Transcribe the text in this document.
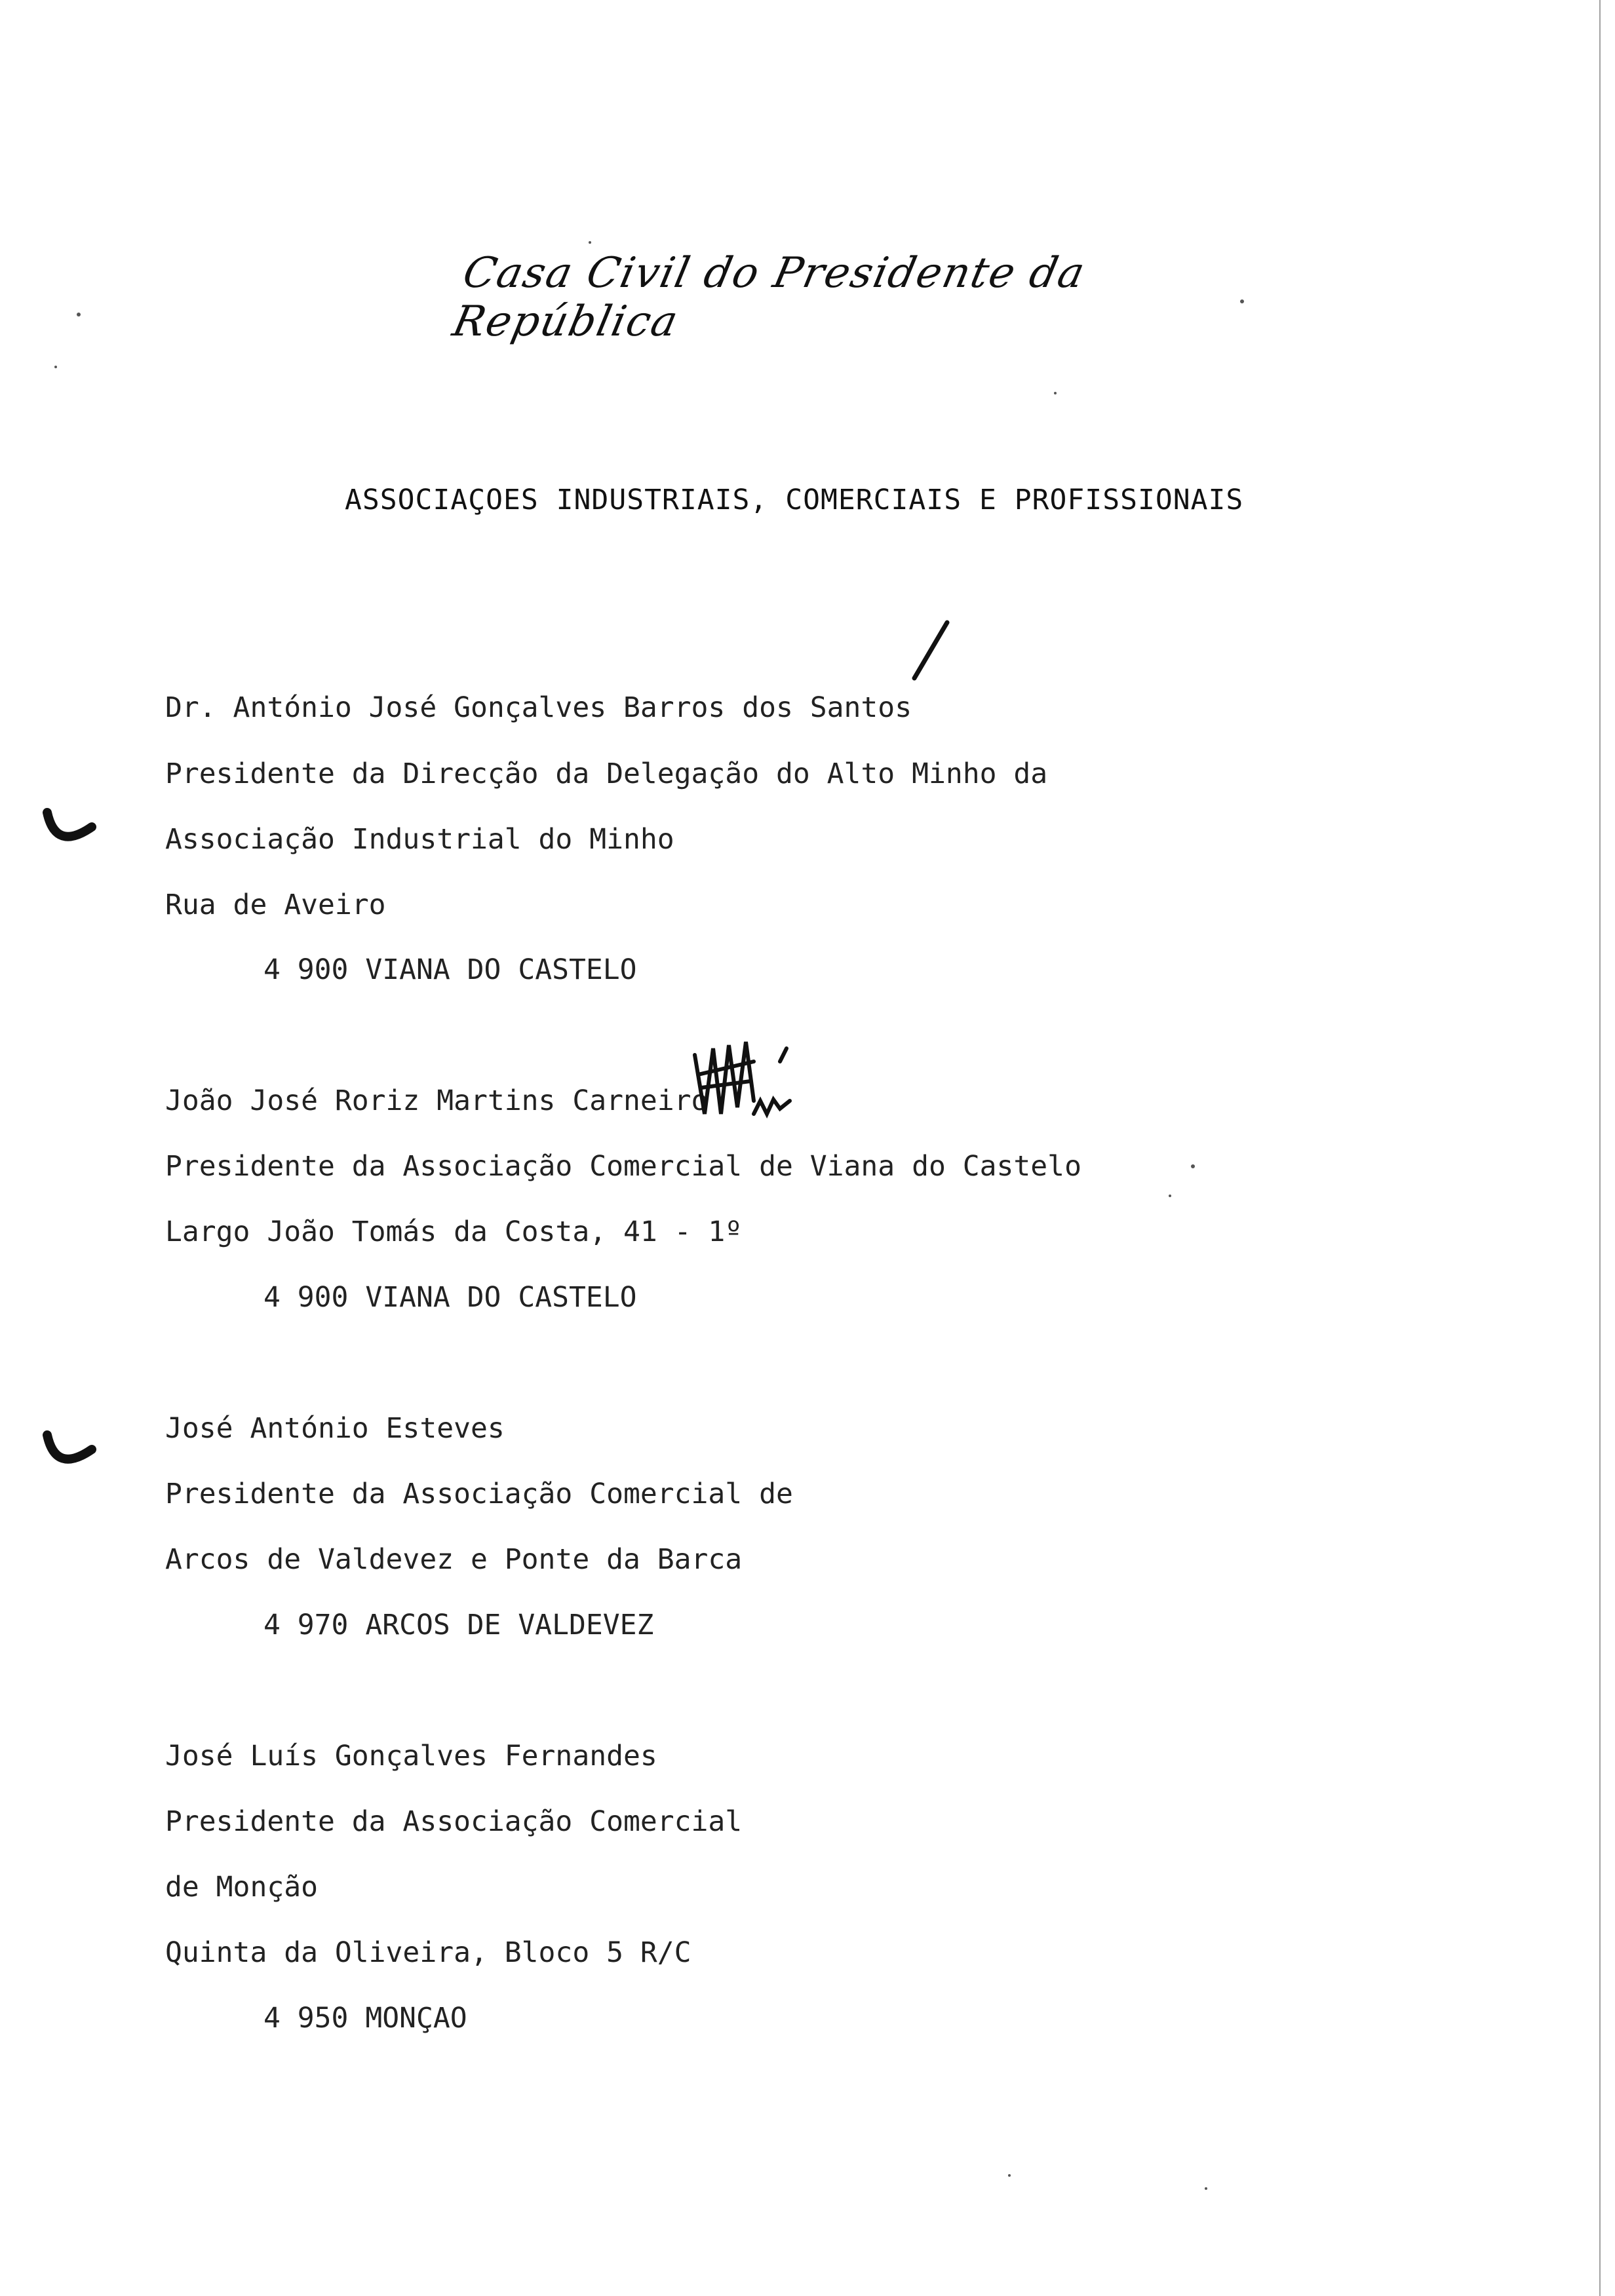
Casa Civil do Presidente da República
ASSOCIAÇOES INDUSTRIAIS, COMERCIAIS E PROFISSIONAIS
Dr. António José Gonçalves Barros dos Santos
Presidente da Direcção da Delegação do Alto Minho da
Associação Industrial do Minho
Rua de Aveiro
4 900 VIANA DO CASTELO
João José Roriz Martins Carneiro
Presidente da Associação Comercial de Viana do Castelo
Largo João Tomás da Costa, 41 - 1º
4 900 VIANA DO CASTELO
José António Esteves
Presidente da Associação Comercial de
Arcos de Valdevez e Ponte da Barca
4 970 ARCOS DE VALDEVEZ
José Luís Gonçalves Fernandes
Presidente da Associação Comercial
de Monção
Quinta da Oliveira, Bloco 5 R/C
4 950 MONÇAO
